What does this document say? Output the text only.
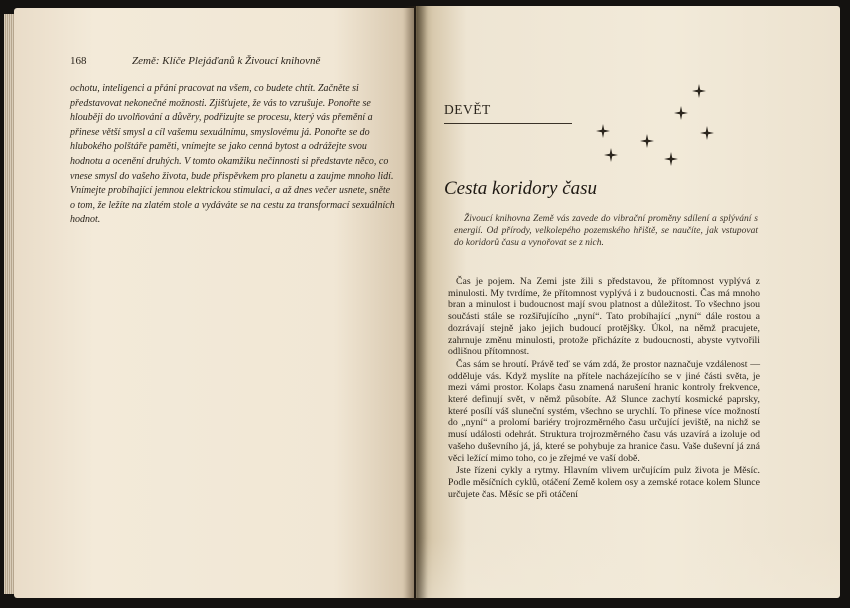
168	Země: Klíče Plejáďanů k Živoucí knihovně

ochotu, inteligenci a přání pracovat na všem, co budete chtít. Začněte si představovat nekonečné možnosti. Zjišťujete, že vás to vzrušuje. Ponořte se hlouběji do uvolňování a důvěry, podřizujte se procesu, který vás přemění a přinese větší smysl a cíl vašemu sexuálnímu, smyslovému já. Ponořte se do hlubokého polštáře paměti, vnímejte se jako cenná bytost a odrážejte svou hodnotu a ocenění druhých. V tomto okamžiku nečinnosti si představte něco, co vnese smysl do vašeho života, bude přispěvkem pro planetu a zaujme mnoho lidí. Vnímejte probíhající jemnou elektrickou stimulaci, a až dnes večer usnete, sněte o tom, že ležíte na zlatém stole a vydáváte se na cestu za transformací sexuálních hodnot.

DEVĚT
Cesta koridory času

Živoucí knihovna Země vás zavede do vibrační proměny sdílení a splývání s energií. Od přírody, velkolepého pozemského hřiště, se naučíte, jak vstupovat do koridorů času a vynořovat se z nich.

Čas je pojem. Na Zemi jste žili s představou, že přítomnost vyplývá z minulosti. My tvrdíme, že přítomnost vyplývá i z budoucnosti. Čas má mnoho bran a minulost i budoucnost mají svou platnost a důležitost. To všechno jsou součásti stále se rozšiřujícího „nyní“. Tato probíhající „nyní“ dále rostou a dozrávají stejně jako jejich budoucí protějšky. Úkol, na němž pracujete, zahrnuje změnu minulosti, protože přicházíte z budoucnosti, abyste vytvořili odlišnou přítomnost.

Čas sám se hroutí. Právě teď se vám zdá, že prostor naznačuje vzdálenost — odděluje vás. Když myslíte na přítele nacházejícího se v jiné části světa, je mezi vámi prostor. Kolaps času znamená narušení hranic kontroly frekvence, které definují svět, v němž působíte. Až Slunce zachytí kosmické paprsky, které posílí váš sluneční systém, všechno se urychlí. To přinese více možností do „nyní“ a prolomí bariéry trojrozměrného času určující jeviště, na nichž se musí události odehrát. Struktura trojrozměrného času vás uzavírá a izoluje od vašeho duševního já, já, které se pohybuje za hranice času. Vaše duševní já zná věci ležící mimo toho, co je zřejmé ve vaší době.

Jste řízeni cykly a rytmy. Hlavním vlivem určujícím pulz života je Měsíc. Podle měsíčních cyklů, otáčení Země kolem osy a zemské rotace kolem Slunce určujete čas. Měsíc se při otáčení
